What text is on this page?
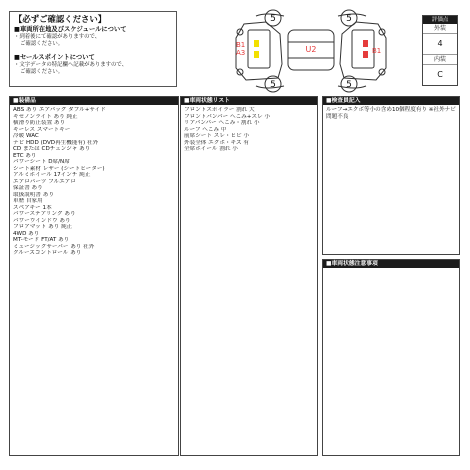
【必ずご確認ください】
■車両所在地及びスケジュールについて
・到着後にて確認がありますので、
ご確認ください。
■セールスポイントについて
・文字データの特記欄へ記載がありますので、
ご確認ください。
5	5
5	5
B1
A3	U2	B1
評価点
外装
4
内装
C
■装備品
ABS あり エアバッグ ダブル+サイド
キセノンライト あり 純正
横滑り防止装置 あり
キーレス スマートキー
冷暖 WAC
ナビ HDD (DVD再生機能有) 社外
CD または CDチェンジャ あり
ETC あり
パワーシート D席/N席
シート素材 レザー (シートヒーター)
アルミホイール 17インチ 純正
エアロパーツ フルエアロ
保証書 あり
取扱説明書 あり
車歴 自家用
スペアキー 1本
パワーステアリング あり
パワーウインドウ あり
フロアマット あり 純正
4WD あり
MT-モード FT/AT あり
ミュージックサーバー あり 社外
クルーズコントロール あり
■車両状態リスト
フロントスポイラー 割れ 大
フロントバンパー へこみ+スレ 小
リアバンパー へこみ・割れ 小
ルーフ へこみ 中
前席シート スレ・ヒビ 小
外装全体 エクボ・キズ 有
全席ホイール 割れ 小
■検査員記入
ルーフ→エクボ等小の含め10個程度有り ※社外ナビ問題不良
■車両状態注意事項
